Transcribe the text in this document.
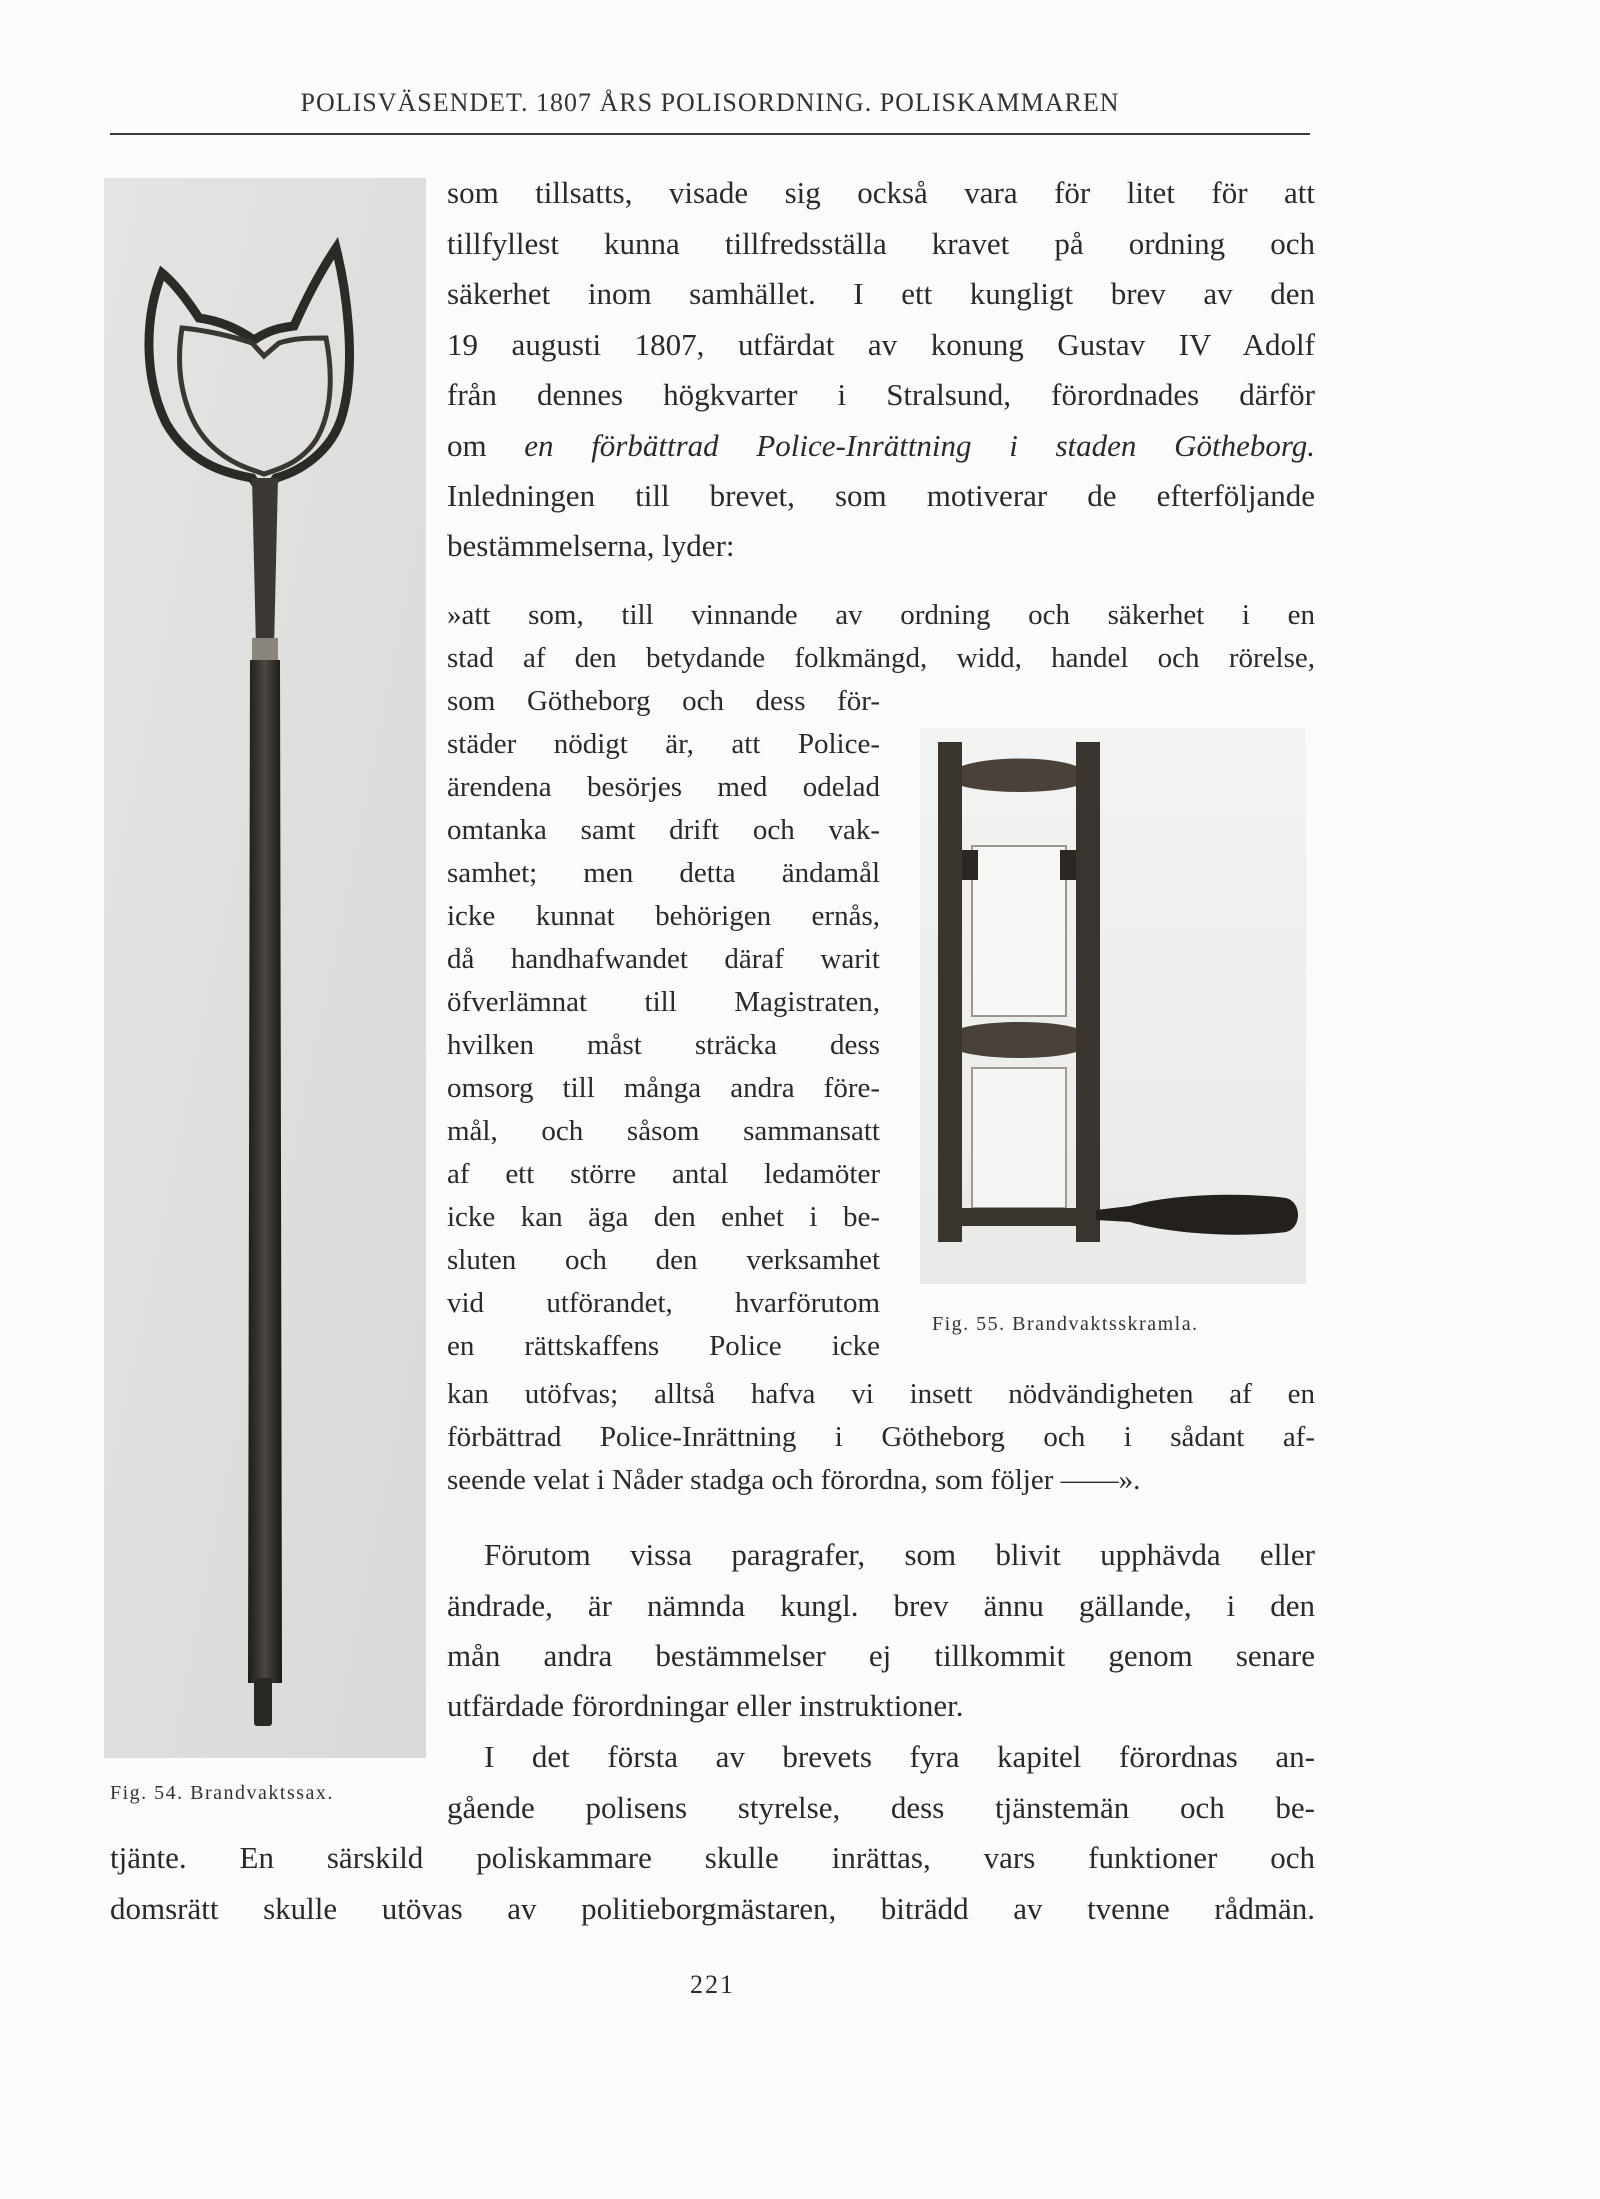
POLISVÄSENDET. 1807 ÅRS POLISORDNING. POLISKAMMAREN
Fig. 54. Brandvaktssax.
som tillsatts, visade sig också vara för litet för att
tillfyllest kunna tillfredsställa kravet på ordning och
säkerhet inom samhället. I ett kungligt brev av den
19 augusti 1807, utfärdat av konung Gustav IV Adolf
från dennes högkvarter i Stralsund, förordnades därför
om en förbättrad Police-Inrättning i staden Götheborg.
Inledningen till brevet, som motiverar de efterföljande
bestämmelserna, lyder:
»att som, till vinnande av ordning och säkerhet i en
stad af den betydande folkmängd, widd, handel och rörelse,
som Götheborg och dess för-
städer nödigt är, att Police-
ärendena besörjes med odelad
omtanka samt drift och vak-
samhet; men detta ändamål
icke kunnat behörigen ernås,
då handhafwandet däraf warit
öfverlämnat till Magistraten,
hvilken måst sträcka dess
omsorg till många andra före-
mål, och såsom sammansatt
af ett större antal ledamöter
icke kan äga den enhet i be-
sluten och den verksamhet
vid utförandet, hvarförutom
en rättskaffens Police icke
Fig. 55. Brandvaktsskramla.
kan utöfvas; alltså hafva vi insett nödvändigheten af en
förbättrad Police-Inrättning i Götheborg och i sådant af-
seende velat i Nåder stadga och förordna, som följer ——».
Förutom vissa paragrafer, som blivit upphävda eller
ändrade, är nämnda kungl. brev ännu gällande, i den
mån andra bestämmelser ej tillkommit genom senare
utfärdade förordningar eller instruktioner.
I det första av brevets fyra kapitel förordnas an-
gående polisens styrelse, dess tjänstemän och be-
tjänte. En särskild poliskammare skulle inrättas, vars funktioner och
domsrätt skulle utövas av politieborgmästaren, biträdd av tvenne rådmän.
221
